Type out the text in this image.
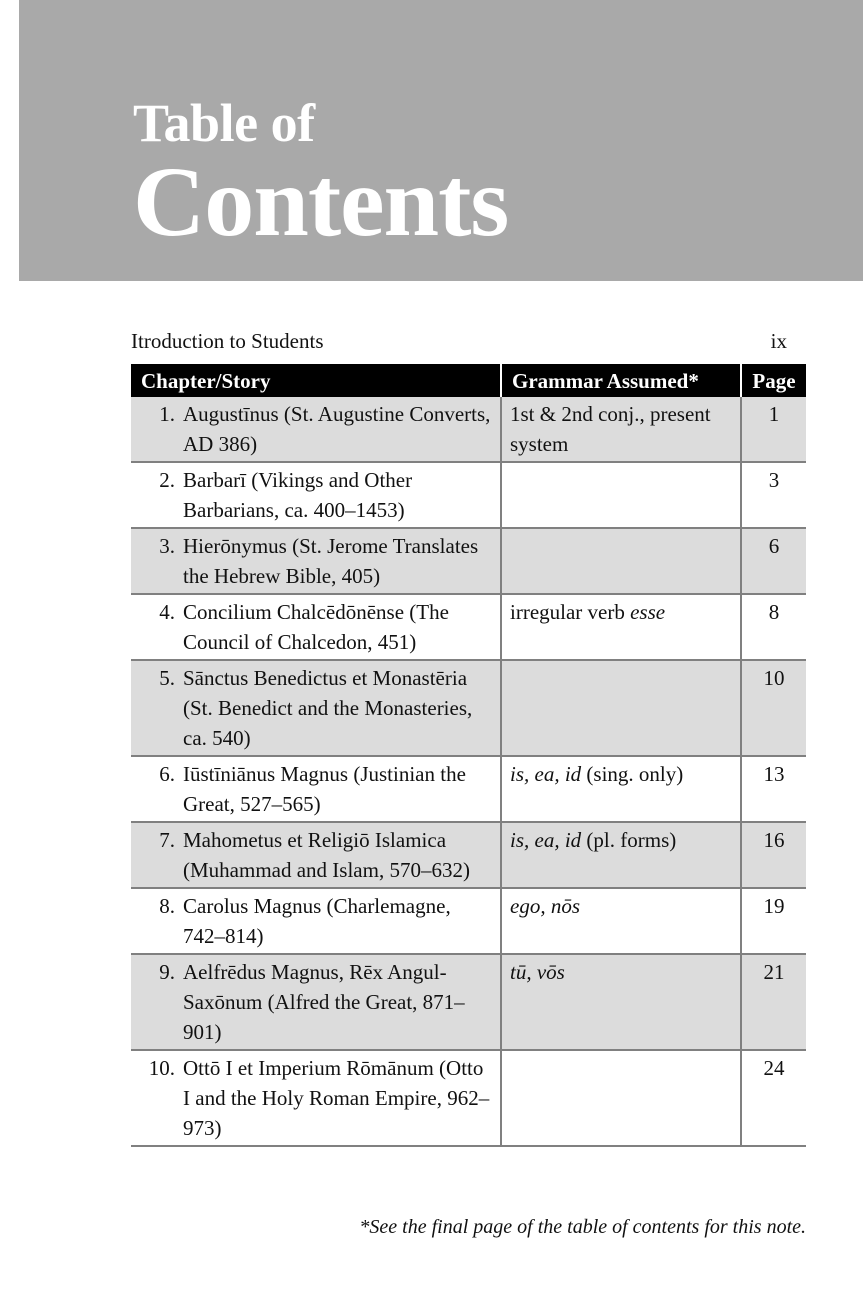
Table of
Contents
Itroduction to Students	ix
Chapter/Story	Grammar Assumed*	Page

1. Augustīnus (St. Augustine Converts, AD 386)	1st & 2nd conj., present system	1

2. Barbarī (Vikings and Other Barbarians, ca. 400–1453)		3

3. Hierōnymus (St. Jerome Translates the Hebrew Bible, 405)		6

4. Concilium Chalcēdōnēnse (The Council of Chalcedon, 451)	irregular verb esse	8

5. Sānctus Benedictus et Monastēria (St. Benedict and the Monasteries, ca. 540)		10

6. Iūstīniānus Magnus (Justinian the Great, 527–565)	is, ea, id (sing. only)	13

7. Mahometus et Religiō Islamica (Muhammad and Islam, 570–632)	is, ea, id (pl. forms)	16

8. Carolus Magnus (Charlemagne, 742–814)	ego, nōs	19

9. Aelfrēdus Magnus, Rēx Angul-Saxōnum (Alfred the Great, 871–901)	tū, vōs	21

10. Ottō I et Imperium Rōmānum (Otto I and the Holy Roman Empire, 962–973)		24
*See the final page of the table of contents for this note.
